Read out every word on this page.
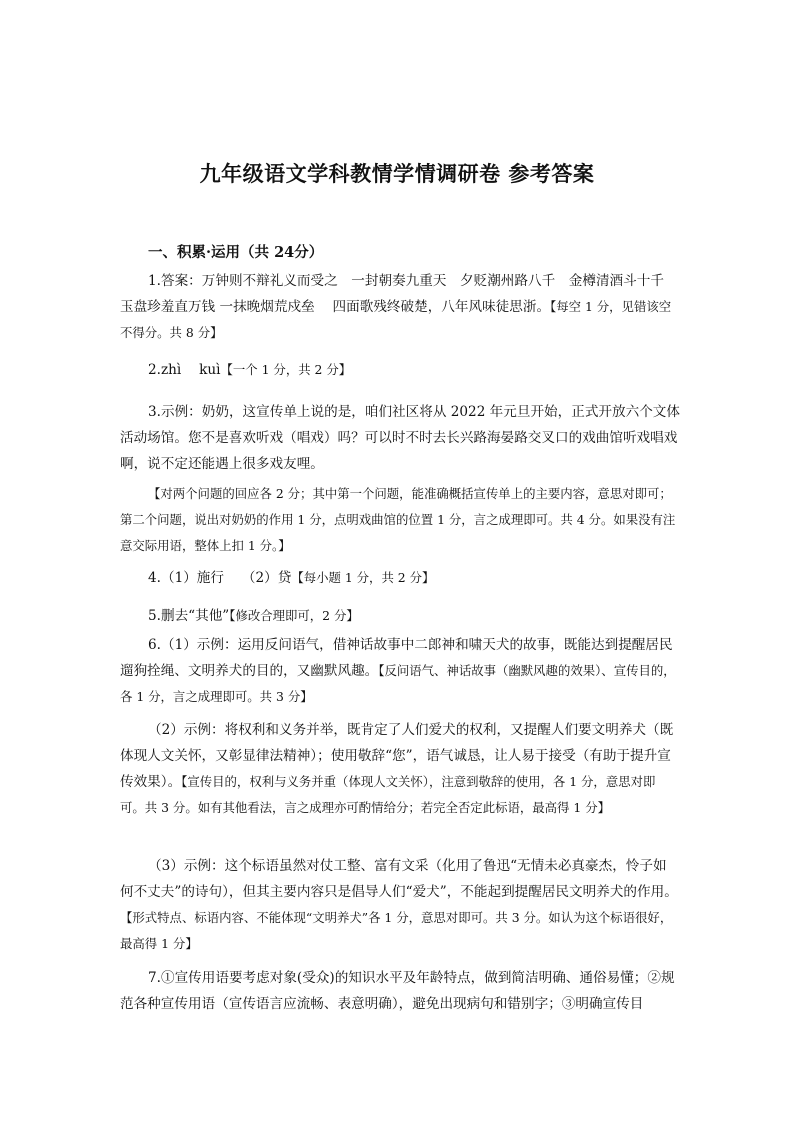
九年级语文学科教情学情调研卷 参考答案
一、积累·运用（共 24分）
1.答案：万钟则不辩礼义而受之　一封朝奏九重天　夕贬潮州路八千　金樽清酒斗十千　玉盘珍羞直万钱 一抹晚烟荒戍垒　 四面歌残终破楚，八年风味徒思浙。【每空 1 分，见错该空不得分。共 8 分】
2.zhì　 kuì【一个 1 分，共 2 分】
3.示例：奶奶，这宣传单上说的是，咱们社区将从 2022 年元旦开始，正式开放六个文体活动场馆。您不是喜欢听戏（唱戏）吗？可以时不时去长兴路海晏路交叉口的戏曲馆听戏唱戏啊，说不定还能遇上很多戏友哩。
【对两个问题的回应各 2 分；其中第一个问题，能准确概括宣传单上的主要内容，意思对即可；第二个问题，说出对奶奶的作用 1 分，点明戏曲馆的位置 1 分，言之成理即可。共 4 分。如果没有注意交际用语，整体上扣 1 分。】
4.（1）施行　 （2）贷【每小题 1 分，共 2 分】
5.删去“其他”【修改合理即可，2 分】
6.（1）示例：运用反问语气，借神话故事中二郎神和啸天犬的故事，既能达到提醒居民遛狗拴绳、文明养犬的目的，又幽默风趣。【反问语气、神话故事（幽默风趣的效果）、宣传目的，各 1 分，言之成理即可。共 3 分】
（2）示例：将权利和义务并举，既肯定了人们爱犬的权利，又提醒人们要文明养犬（既体现人文关怀，又彰显律法精神）；使用敬辞“您”，语气诚恳，让人易于接受（有助于提升宣传效果）。【宣传目的，权利与义务并重（体现人文关怀），注意到敬辞的使用，各 1 分，意思对即可。共 3 分。如有其他看法，言之成理亦可酌情给分；若完全否定此标语，最高得 1 分】
（3）示例：这个标语虽然对仗工整、富有文采（化用了鲁迅“无情未必真豪杰，怜子如何不丈夫”的诗句），但其主要内容只是倡导人们“爱犬”，不能起到提醒居民文明养犬的作用。【形式特点、标语内容、不能体现“文明养犬”各 1 分，意思对即可。共 3 分。如认为这个标语很好，最高得 1 分】
7.①宣传用语要考虑对象(受众)的知识水平及年龄特点，做到简洁明确、通俗易懂；②规范各种宣传用语（宣传语言应流畅、表意明确），避免出现病句和错别字；③明确宣传目
